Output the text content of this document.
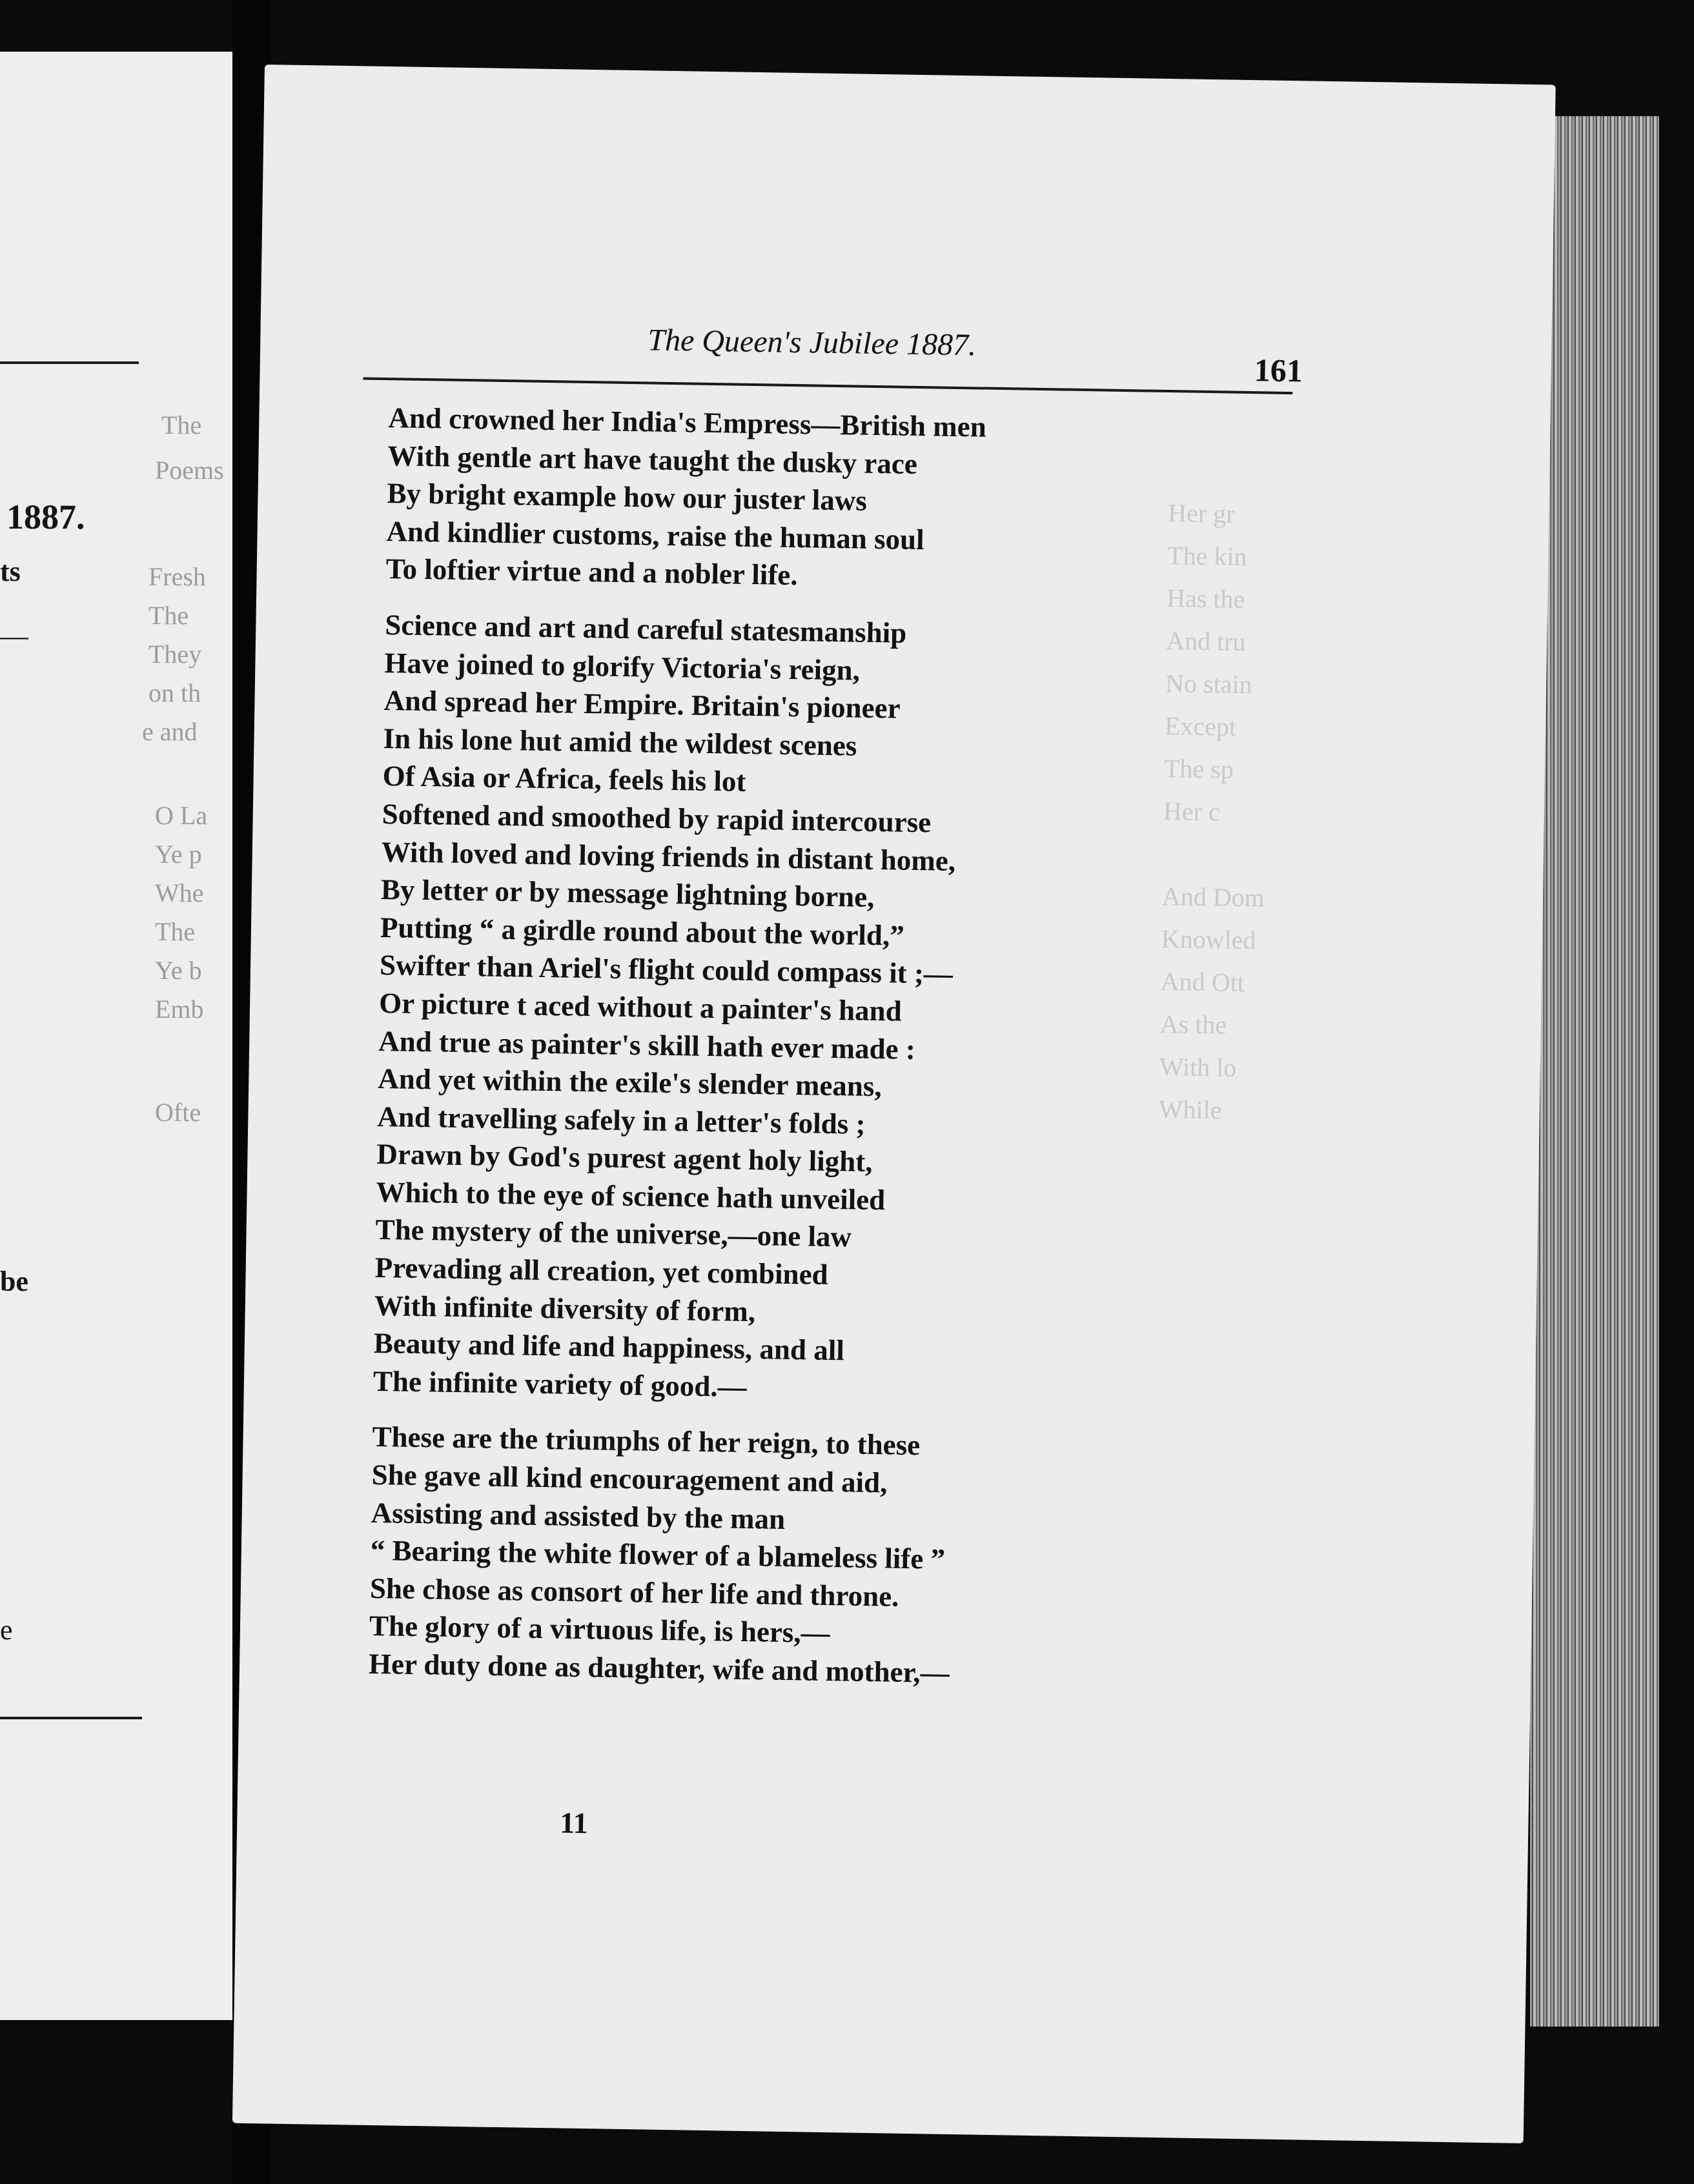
1887.
ts
—
be
e
The
Poems
Fresh
The
They
on th
e and
O La
Ye p
Whe
The
Ye b
Emb
Ofte
Her gr
The kin
Has the
And tru
No stain
Except
The sp
Her c
And Dom
Knowled
And Ott
As the
With lo
While
The Queen's Jubilee 1887.
161
And crowned her India's Empress—British men
With gentle art have taught the dusky race
By bright example how our juster laws
And kindlier customs, raise the human soul
To loftier virtue and a nobler life.
Science and art and careful statesmanship
Have joined to glorify Victoria's reign,
And spread her Empire. Britain's pioneer
In his lone hut amid the wildest scenes
Of Asia or Africa, feels his lot
Softened and smoothed by rapid intercourse
With loved and loving friends in distant home,
By letter or by message lightning borne,
Putting “ a girdle round about the world,”
Swifter than Ariel's flight could compass it ;—
Or picture t aced without a painter's hand
And true as painter's skill hath ever made :
And yet within the exile's slender means,
And travelling safely in a letter's folds ;
Drawn by God's purest agent holy light,
Which to the eye of science hath unveiled
The mystery of the universe,—one law
Prevading all creation, yet combined
With infinite diversity of form,
Beauty and life and happiness, and all
The infinite variety of good.—
These are the triumphs of her reign, to these
She gave all kind encouragement and aid,
Assisting and assisted by the man
“ Bearing the white flower of a blameless life ”
She chose as consort of her life and throne.
The glory of a virtuous life, is hers,—
Her duty done as daughter, wife and mother,—
11
